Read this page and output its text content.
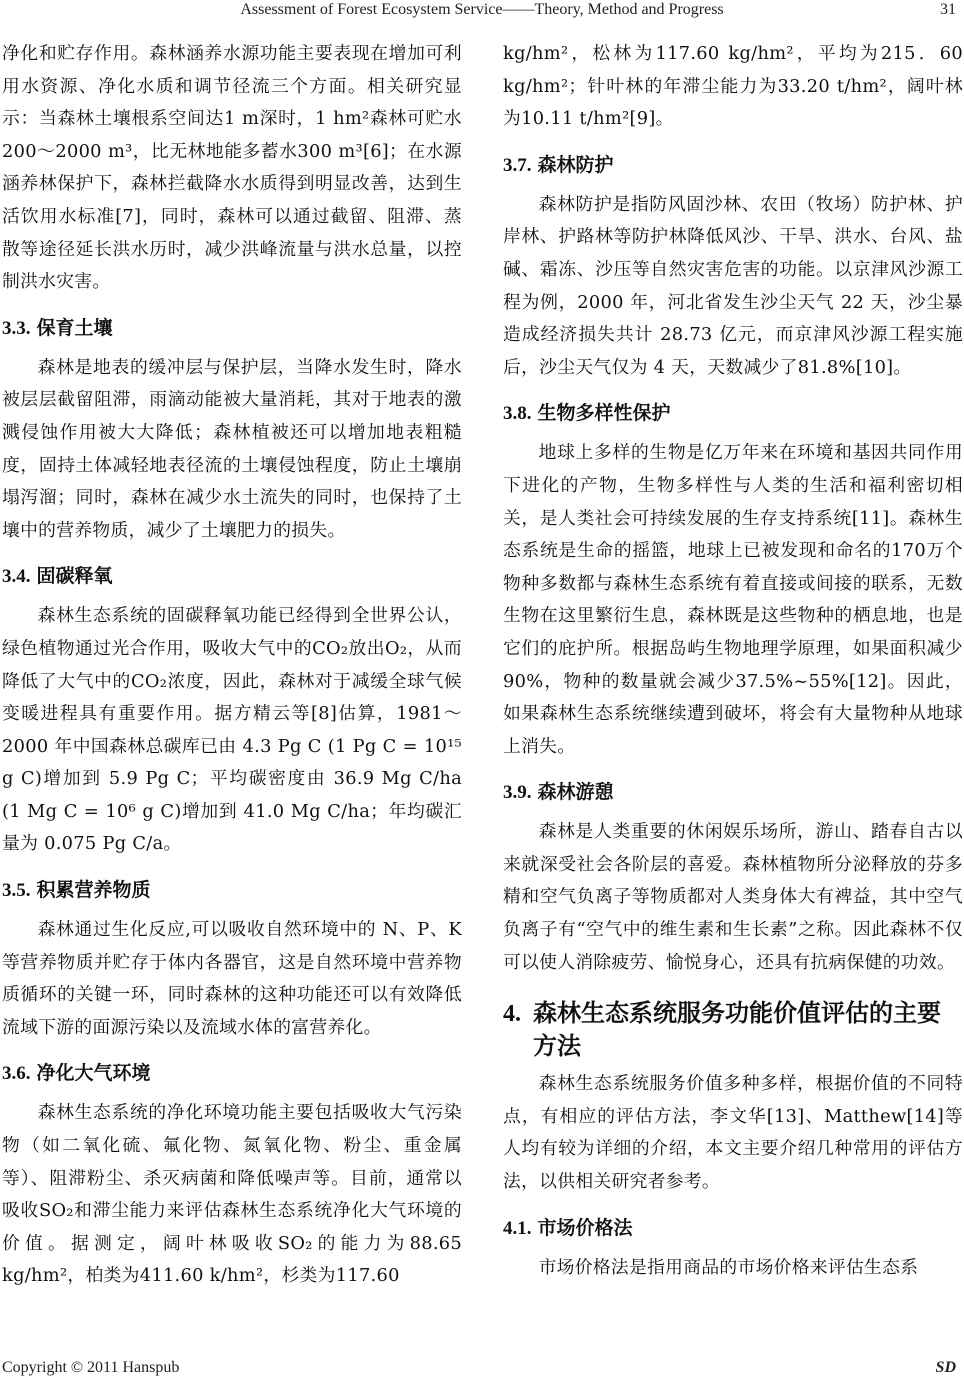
Assessment of Forest Ecosystem Service——Theory, Method and Progress	31

净化和贮存作用。森林涵养水源功能主要表现在增加可利用水资源、净化水质和调节径流三个方面。相关研究显示：当森林土壤根系空间达1 m深时，1 hm²森林可贮水200～2000 m³，比无林地能多蓄水300 m³[6]；在水源涵养林保护下，森林拦截降水水质得到明显改善，达到生活饮用水标准[7]，同时，森林可以通过截留、阻滞、蒸散等途径延长洪水历时，减少洪峰流量与洪水总量，以控制洪水灾害。

3.3. 保育土壤

森林是地表的缓冲层与保护层，当降水发生时，降水被层层截留阻滞，雨滴动能被大量消耗，其对于地表的激溅侵蚀作用被大大降低；森林植被还可以增加地表粗糙度，固持土体减轻地表径流的土壤侵蚀程度，防止土壤崩塌泻溜；同时，森林在减少水土流失的同时，也保持了土壤中的营养物质，减少了土壤肥力的损失。

3.4. 固碳释氧

森林生态系统的固碳释氧功能已经得到全世界公认，绿色植物通过光合作用，吸收大气中的CO₂放出O₂，从而降低了大气中的CO₂浓度，因此，森林对于减缓全球气候变暖进程具有重要作用。据方精云等[8]估算，1981～2000 年中国森林总碳库已由 4.3 Pg C (1 Pg C = 10¹⁵ g C)增加到 5.9 Pg C；平均碳密度由 36.9 Mg C/ha (1 Mg C = 10⁶ g C)增加到 41.0 Mg C/ha；年均碳汇量为 0.075 Pg C/a。

3.5. 积累营养物质

森林通过生化反应,可以吸收自然环境中的 N、P、K 等营养物质并贮存于体内各器官，这是自然环境中营养物质循环的关键一环，同时森林的这种功能还可以有效降低流域下游的面源污染以及流域水体的富营养化。

3.6. 净化大气环境

森林生态系统的净化环境功能主要包括吸收大气污染物（如二氧化硫、氟化物、氮氧化物、粉尘、重金属等）、阻滞粉尘、杀灭病菌和降低噪声等。目前，通常以吸收SO₂和滞尘能力来评估森林生态系统净化大气环境的价值。据测定，阔叶林吸收SO₂的能力为88.65 kg/hm²，柏类为411.60 k/hm²，杉类为117.60

kg/hm²，松林为117.60 kg/hm²，平均为215．60 kg/hm²；针叶林的年滞尘能力为33.20 t/hm²，阔叶林为10.11 t/hm²[9]。

3.7. 森林防护

森林防护是指防风固沙林、农田（牧场）防护林、护岸林、护路林等防护林降低风沙、干旱、洪水、台风、盐碱、霜冻、沙压等自然灾害危害的功能。以京津风沙源工程为例，2000 年，河北省发生沙尘天气 22 天，沙尘暴造成经济损失共计 28.73 亿元，而京津风沙源工程实施后，沙尘天气仅为 4 天，天数减少了81.8%[10]。

3.8. 生物多样性保护

地球上多样的生物是亿万年来在环境和基因共同作用下进化的产物，生物多样性与人类的生活和福利密切相关，是人类社会可持续发展的生存支持系统[11]。森林生态系统是生命的摇篮，地球上已被发现和命名的170万个物种多数都与森林生态系统有着直接或间接的联系，无数生物在这里繁衍生息，森林既是这些物种的栖息地，也是它们的庇护所。根据岛屿生物地理学原理，如果面积减少90%，物种的数量就会减少37.5%~55%[12]。因此，如果森林生态系统继续遭到破坏，将会有大量物种从地球上消失。

3.9. 森林游憩

森林是人类重要的休闲娱乐场所，游山、踏春自古以来就深受社会各阶层的喜爱。森林植物所分泌释放的芬多精和空气负离子等物质都对人类身体大有裨益，其中空气负离子有“空气中的维生素和生长素”之称。因此森林不仅可以使人消除疲劳、愉悦身心，还具有抗病保健的功效。

4. 森林生态系统服务功能价值评估的主要方法

森林生态系统服务价值多种多样，根据价值的不同特点，有相应的评估方法，李文华[13]、Matthew[14]等人均有较为详细的介绍，本文主要介绍几种常用的评估方法，以供相关研究者参考。

4.1. 市场价格法

市场价格法是指用商品的市场价格来评估生态系

Copyright © 2011 Hanspub	SD
